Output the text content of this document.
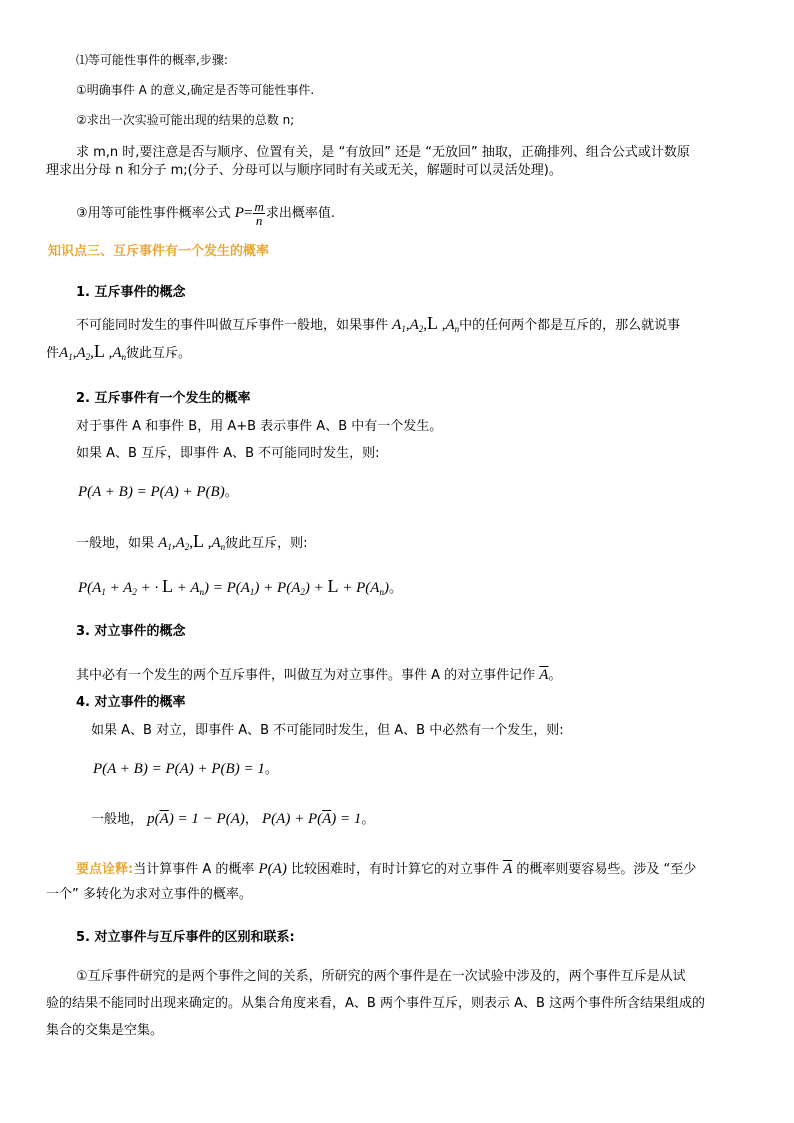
⑴等可能性事件的概率,步骤:
①明确事件 A 的意义,确定是否等可能性事件.
②求出一次实验可能出现的结果的总数 n;
求 m,n 时,要注意是否与顺序、位置有关，是 “有放回” 还是 “无放回” 抽取，正确排列、组合公式或计数原
理求出分母 n 和分子 m;(分子、分母可以与顺序同时有关或无关，解题时可以灵活处理)。
③用等可能性事件概率公式 $P= \frac{m}{n}$ 求出概率值.
知识点三、互斥事件有一个发生的概率
1. 互斥事件的概念
不可能同时发生的事件叫做互斥事件一般地，如果事件 $A_1,A_2,L$ $,A_n$中的任何两个都是互斥的，那么就说事
件$A_1,A_2,L$ $,A_n$彼此互斥。
2. 互斥事件有一个发生的概率
对于事件 A 和事件 B，用 A+B 表示事件 A、B 中有一个发生。
如果 A、B 互斥，即事件 A、B 不可能同时发生，则:
P(A + B) = P(A) + P(B)。
一般地，如果 $A_1,A_2,L$ $,A_n$彼此互斥，则:
$P(A_1 + A_2$ + · $L + A_n) = P(A_1) + P(A_2) + L + P(A_n)$。
3. 对立事件的概念
其中必有一个发生的两个互斥事件，叫做互为对立事件。事件 A 的对立事件记作 $\overline{A}$。
4. 对立事件的概率
如果 A、B 对立，即事件 A、B 不可能同时发生，但 A、B 中必然有一个发生，则:
P(A + B) = P(A) + P(B) = 1。
一般地， $p(\overline{A}) = 1 - P(A)$， $P(A) + P(\overline{A}) = 1$。
要点诠释:当计算事件 A 的概率 P(A) 比较困难时，有时计算它的对立事件 $\overline{A}$ 的概率则要容易些。涉及 “至少
一个” 多转化为求对立事件的概率。
5. 对立事件与互斥事件的区别和联系:
①互斥事件研究的是两个事件之间的关系，所研究的两个事件是在一次试验中涉及的，两个事件互斥是从试
验的结果不能同时出现来确定的。从集合角度来看，A、B 两个事件互斥，则表示 A、B 这两个事件所含结果组成的
集合的交集是空集。
